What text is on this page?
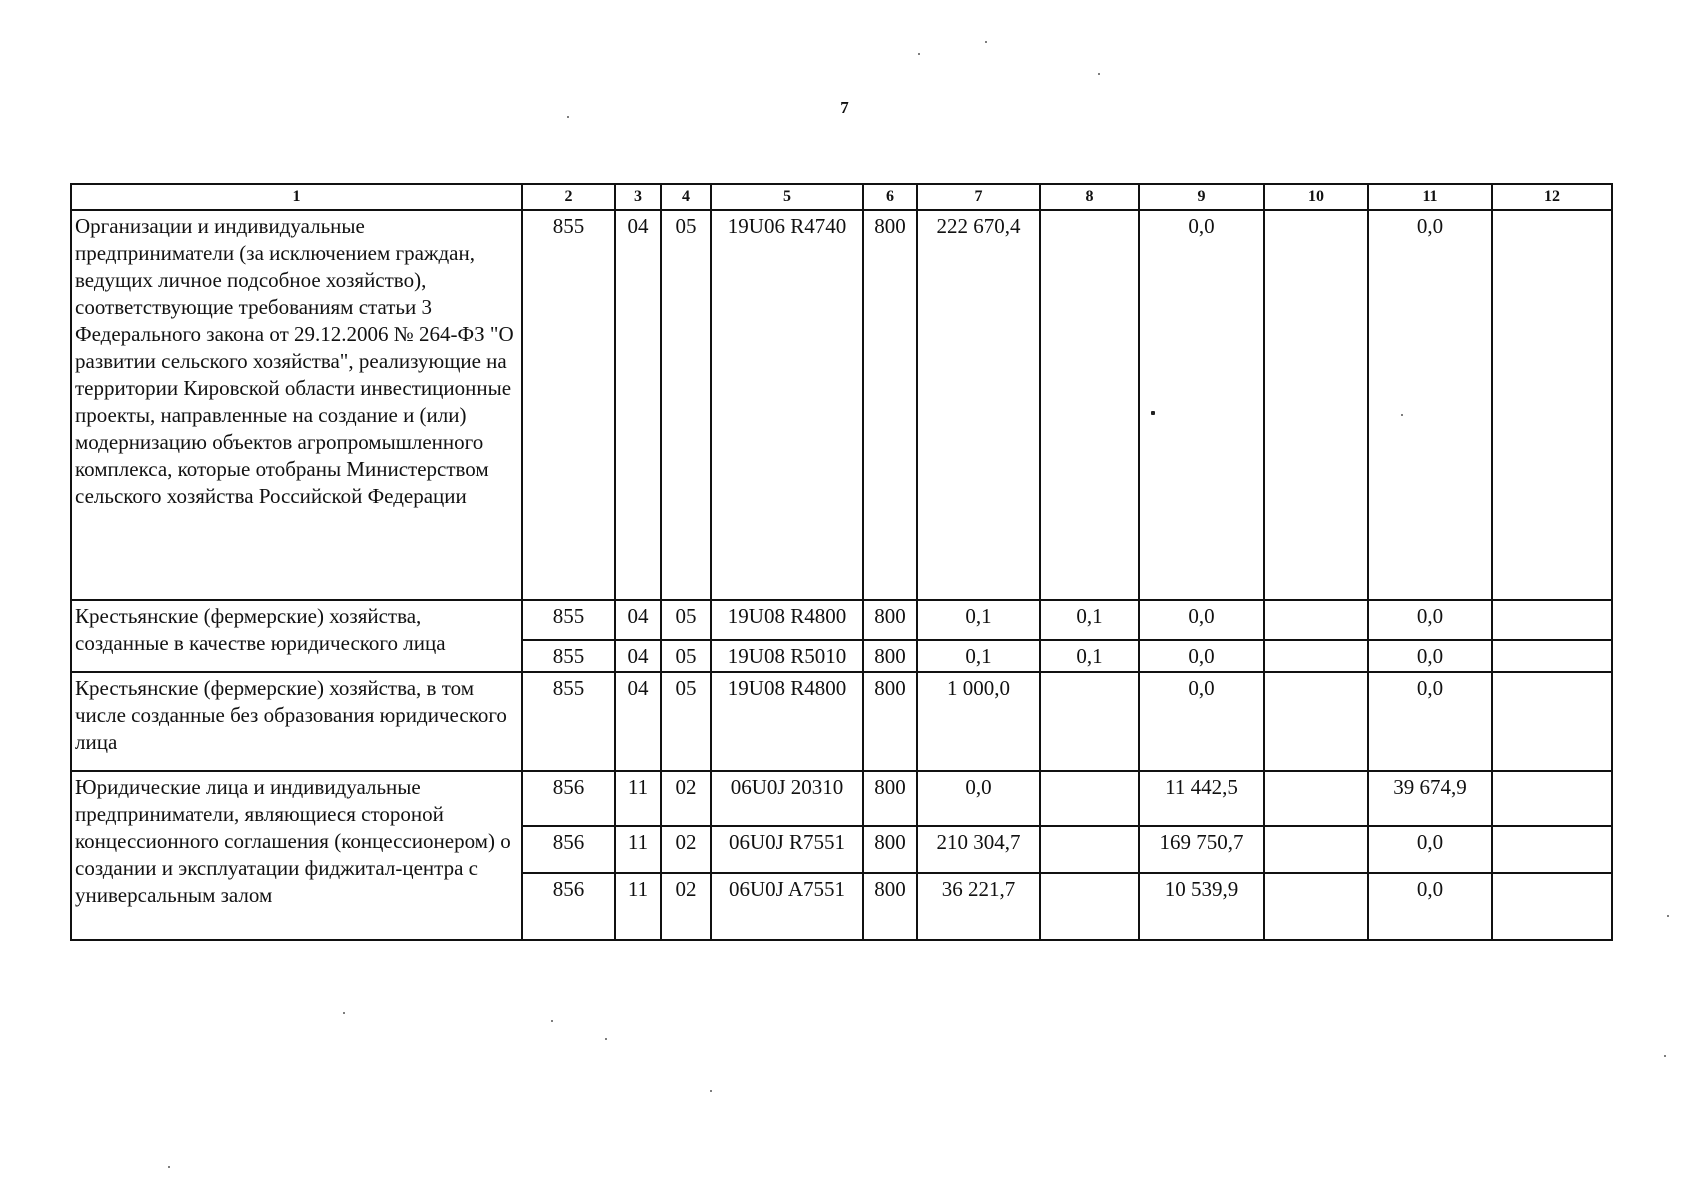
7
1	2	3	4	5	6	7	8	9	10	11	12
Организации и индивидуальные предприниматели (за исключением граждан, ведущих личное подсобное хозяйство), соответствующие требованиям статьи 3 Федерального закона от 29.12.2006 № 264-ФЗ "О развитии сельского хозяйства", реализующие на территории Кировской области инвестиционные проекты, направленные на создание и (или) модернизацию объектов агропромышленного комплекса, которые отобраны Министерством сельского хозяйства Российской Федерации	855	04	05	19U06 R4740	800	222 670,4		0,0		0,0	
Крестьянские (фермерские) хозяйства, созданные в качестве юридического лица	855	04	05	19U08 R4800	800	0,1	0,1	0,0		0,0	
	855	04	05	19U08 R5010	800	0,1	0,1	0,0		0,0	
Крестьянские (фермерские) хозяйства, в том числе созданные без образования юридического лица	855	04	05	19U08 R4800	800	1 000,0		0,0		0,0	
Юридические лица и индивидуальные предприниматели, являющиеся стороной концессионного соглашения (концессионером) о создании и эксплуатации фиджитал-центра с универсальным залом	856	11	02	06U0J 20310	800	0,0		11 442,5		39 674,9	
	856	11	02	06U0J R7551	800	210 304,7		169 750,7		0,0	
	856	11	02	06U0J A7551	800	36 221,7		10 539,9		0,0	
